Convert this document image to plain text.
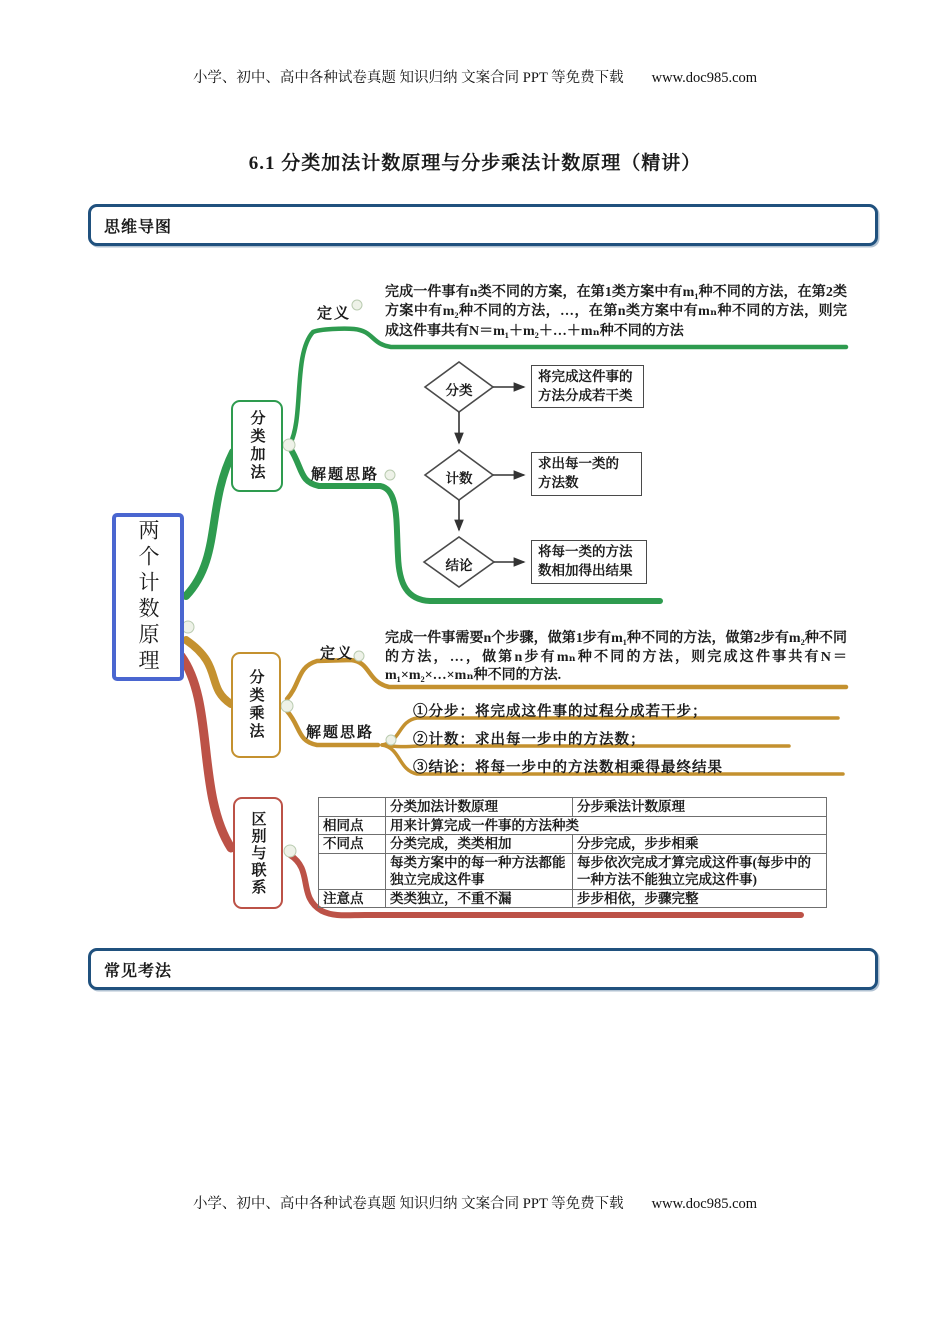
小学、初中、高中各种试卷真题 知识归纳 文案合同 PPT 等免费下载 www.doc985.com
6.1 分类加法计数原理与分步乘法计数原理（精讲）
思维导图
两个计数原理
分类加法
分类乘法
区别与联系
定义
完成一件事有n类不同的方案，在第1类方案中有m₁种不同的方法，在第2类方案中有m₂种不同的方法，…，在第n类方案中有mₙ种不同的方法，则完成这件事共有N＝m₁＋m₂＋…＋mₙ种不同的方法
解题思路
分类
计数
结论
将完成这件事的方法分成若干类
求出每一类的方法数
将每一类的方法数相加得出结果
定义
完成一件事需要n个步骤，做第1步有m₁种不同的方法，做第2步有m₂种不同的方法，…，做第n步有mₙ种不同的方法，则完成这件事共有N＝m₁×m₂×…×mₙ种不同的方法.
解题思路
①分步：将完成这件事的过程分成若干步；
②计数：求出每一步中的方法数；
③结论：将每一步中的方法数相乘得最终结果
	分类加法计数原理	分步乘法计数原理
相同点	用来计算完成一件事的方法种类	
不同点	分类完成，类类相加	分步完成，步步相乘
	每类方案中的每一种方法都能独立完成这件事	每步依次完成才算完成这件事(每步中的一种方法不能独立完成这件事)
注意点	类类独立，不重不漏	步步相依，步骤完整
常见考法
小学、初中、高中各种试卷真题 知识归纳 文案合同 PPT 等免费下载 www.doc985.com
